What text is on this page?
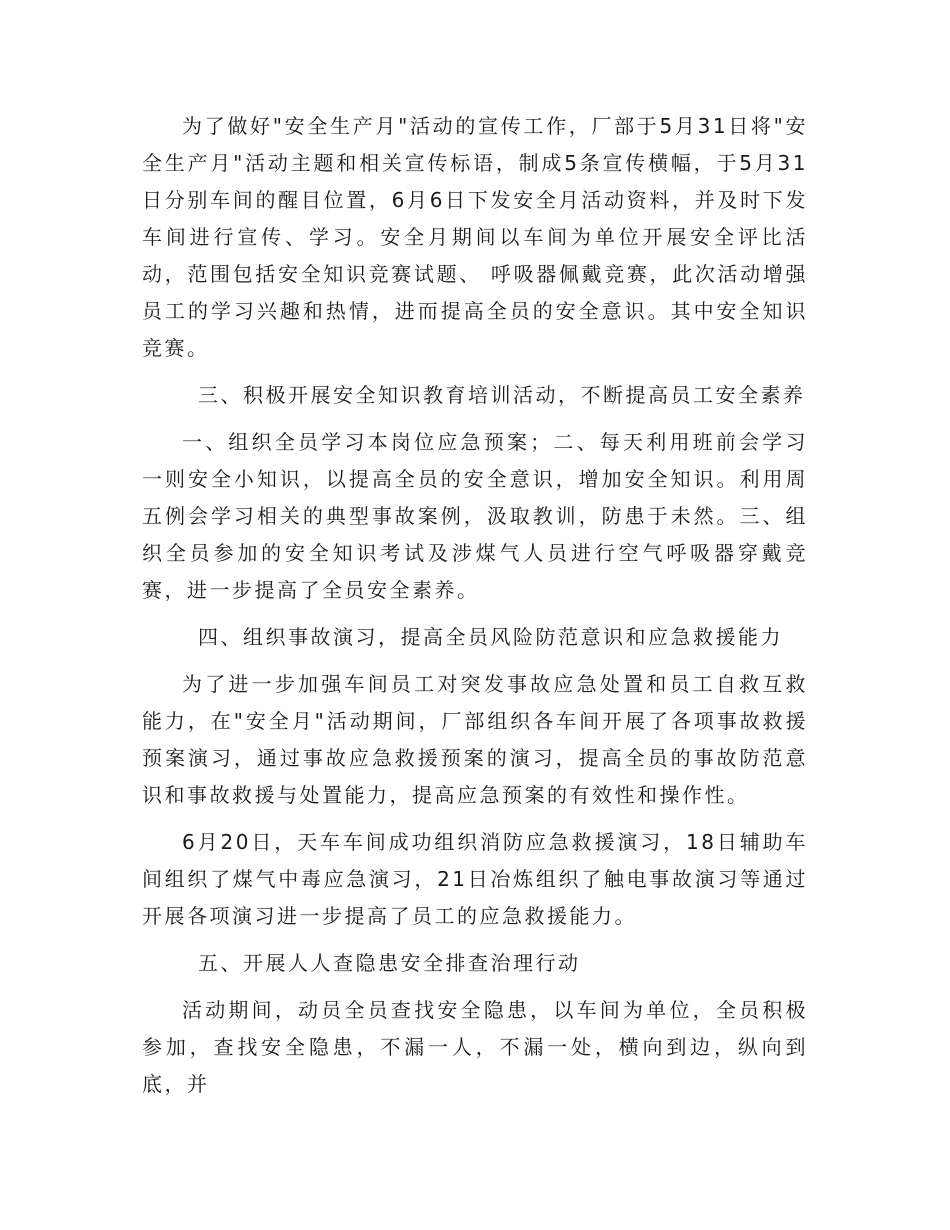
为了做好"安全生产月"活动的宣传工作，厂部于5月31日将"安全生产月"活动主题和相关宣传标语，制成5条宣传横幅，于5月31日分别车间的醒目位置，6月6日下发安全月活动资料，并及时下发车间进行宣传、学习。安全月期间以车间为单位开展安全评比活动，范围包括安全知识竞赛试题、 呼吸器佩戴竞赛，此次活动增强员工的学习兴趣和热情，进而提高全员的安全意识。其中安全知识竞赛。

三、积极开展安全知识教育培训活动，不断提高员工安全素养

一、组织全员学习本岗位应急预案；二、每天利用班前会学习一则安全小知识，以提高全员的安全意识，增加安全知识。利用周五例会学习相关的典型事故案例，汲取教训，防患于未然。三、组织全员参加的安全知识考试及涉煤气人员进行空气呼吸器穿戴竞赛，进一步提高了全员安全素养。

四、组织事故演习，提高全员风险防范意识和应急救援能力

为了进一步加强车间员工对突发事故应急处置和员工自救互救能力，在"安全月"活动期间，厂部组织各车间开展了各项事故救援预案演习，通过事故应急救援预案的演习，提高全员的事故防范意识和事故救援与处置能力，提高应急预案的有效性和操作性。

6月20日，天车车间成功组织消防应急救援演习，18日辅助车间组织了煤气中毒应急演习，21日冶炼组织了触电事故演习等通过开展各项演习进一步提高了员工的应急救援能力。

五、开展人人查隐患安全排查治理行动

活动期间，动员全员查找安全隐患，以车间为单位，全员积极参加，查找安全隐患，不漏一人，不漏一处，横向到边，纵向到底，并
